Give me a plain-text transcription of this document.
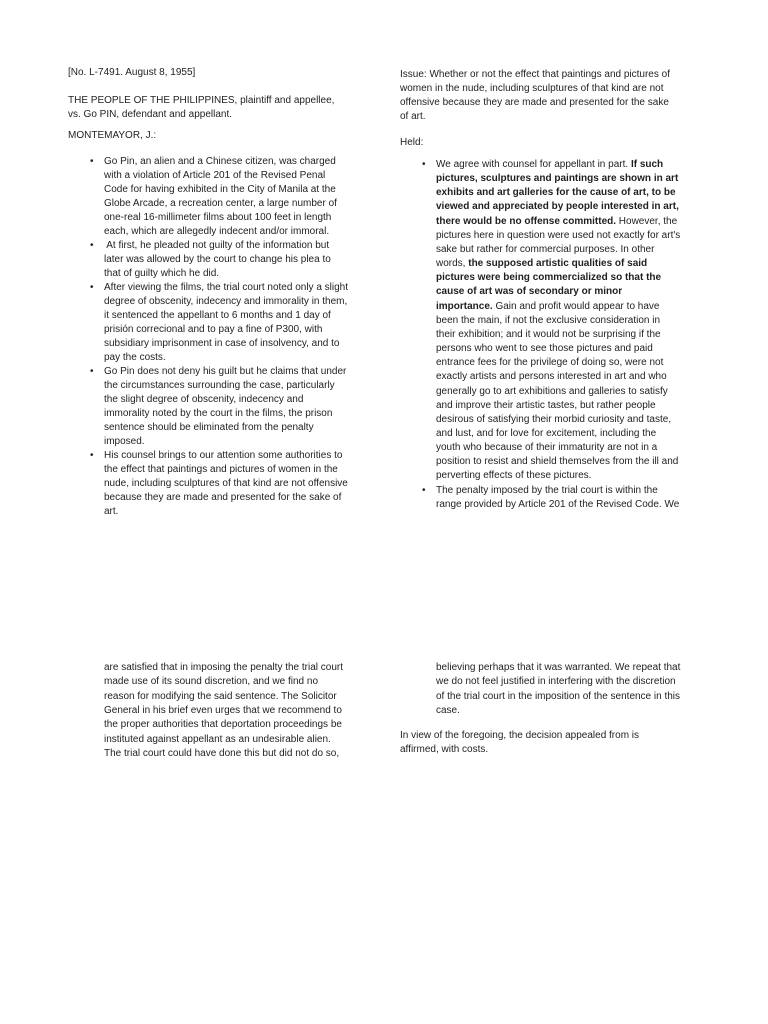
[No. L-7491. August 8, 1955]
THE PEOPLE OF THE PHILIPPINES, plaintiff and appellee,
vs. Go PIN, defendant and appellant.
MONTEMAYOR, J.:
• Go Pin, an alien and a Chinese citizen, was charged
with a violation of Article 201 of the Revised Penal
Code for having exhibited in the City of Manila at the
Globe Arcade, a recreation center, a large number of
one-real 16-millimeter films about 100 feet in length
each, which are allegedly indecent and/or immoral.
• At first, he pleaded not guilty of the information but
later was allowed by the court to change his plea to
that of guilty which he did.
• After viewing the films, the trial court noted only a slight
degree of obscenity, indecency and immorality in them,
it sentenced the appellant to 6 months and 1 day of
prisión correcional and to pay a fine of P300, with
subsidiary imprisonment in case of insolvency, and to
pay the costs.
• Go Pin does not deny his guilt but he claims that under
the circumstances surrounding the case, particularly
the slight degree of obscenity, indecency and
immorality noted by the court in the films, the prison
sentence should be eliminated from the penalty
imposed.
• His counsel brings to our attention some authorities to
the effect that paintings and pictures of women in the
nude, including sculptures of that kind are not offensive
because they are made and presented for the sake of
art.
Issue: Whether or not the effect that paintings and pictures of
women in the nude, including sculptures of that kind are not
offensive because they are made and presented for the sake
of art.
Held:
• We agree with counsel for appellant in part. If such
pictures, sculptures and paintings are shown in art
exhibits and art galleries for the cause of art, to be
viewed and appreciated by people interested in art,
there would be no offense committed. However, the
pictures here in question were used not exactly for art's
sake but rather for commercial purposes. In other
words, the supposed artistic qualities of said
pictures were being commercialized so that the
cause of art was of secondary or minor
importance. Gain and profit would appear to have
been the main, if not the exclusive consideration in
their exhibition; and it would not be surprising if the
persons who went to see those pictures and paid
entrance fees for the privilege of doing so, were not
exactly artists and persons interested in art and who
generally go to art exhibitions and galleries to satisfy
and improve their artistic tastes, but rather people
desirous of satisfying their morbid curiosity and taste,
and lust, and for love for excitement, including the
youth who because of their immaturity are not in a
position to resist and shield themselves from the ill and
perverting effects of these pictures.
• The penalty imposed by the trial court is within the
range provided by Article 201 of the Revised Code. We
are satisfied that in imposing the penalty the trial court
made use of its sound discretion, and we find no
reason for modifying the said sentence. The Solicitor
General in his brief even urges that we recommend to
the proper authorities that deportation proceedings be
instituted against appellant as an undesirable alien.
The trial court could have done this but did not do so,
believing perhaps that it was warranted. We repeat that
we do not feel justified in interfering with the discretion
of the trial court in the imposition of the sentence in this
case.
In view of the foregoing, the decision appealed from is
affirmed, with costs.
